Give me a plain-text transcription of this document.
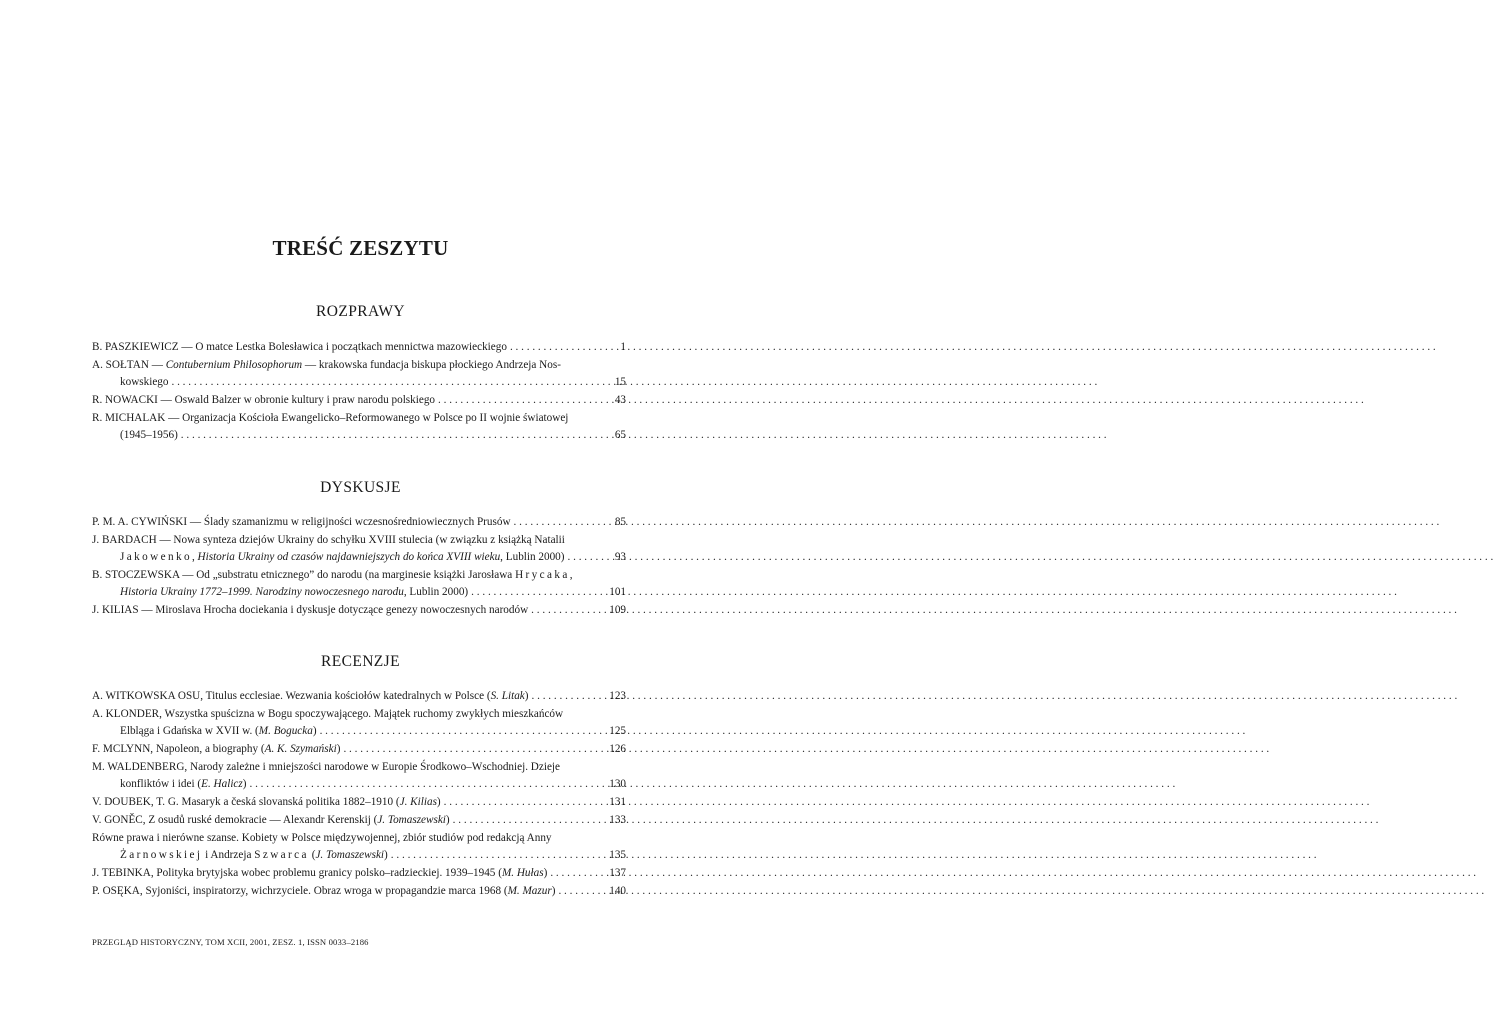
TREŚĆ ZESZYTU
ROZPRAWY
B. PASZKIEWICZ — O matce Lestka Bolesławica i początkach mennictwa mazowieckiego . . .	1
A. SOŁTAN — Contubernium Philosophorum — krakowska fundacja biskupa płockiego Andrzeja Nos-
kowskiego . . .	15
R. NOWACKI — Oswald Balzer w obronie kultury i praw narodu polskiego . . .	43
R. MICHALAK — Organizacja Kościoła Ewangelicko–Reformowanego w Polsce po II wojnie światowej
(1945–1956) . . .	65
DYSKUSJE
P. M. A. CYWIŃSKI — Ślady szamanizmu w religijności wczesnośredniowiecznych Prusów . . .	85
J. BARDACH — Nowa synteza dziejów Ukrainy do schyłku XVIII stulecia (w związku z książką Natalii
Jakowenko, Historia Ukrainy od czasów najdawniejszych do końca XVIII wieku, Lublin 2000) . . .	93
B. STOCZEWSKA — Od „substratu etnicznego” do narodu (na marginesie książki Jarosława Hrycaka,
Historia Ukrainy 1772–1999. Narodziny nowoczesnego narodu, Lublin 2000) . . .	101
J. KILIAS — Miroslava Hrocha dociekania i dyskusje dotyczące genezy nowoczesnych narodów . . .	109
RECENZJE
A. WITKOWSKA OSU, Titulus ecclesiae. Wezwania kościołów katedralnych w Polsce (S. Litak) . . .	123
A. KLONDER, Wszystka spuścizna w Bogu spoczywającego. Majątek ruchomy zwykłych mieszkańców
Elbląga i Gdańska w XVII w. (M. Bogucka) . . .	125
F. MCLYNN, Napoleon, a biography (A. K. Szymański) . . .	126
M. WALDENBERG, Narody zależne i mniejszości narodowe w Europie Środkowo–Wschodniej. Dzieje
konfliktów i idei (E. Halicz) . . .	130
V. DOUBEK, T. G. Masaryk a česká slovanská politika 1882–1910 (J. Kilias) . . .	131
V. GONĚC, Z osudů ruské demokracie — Alexandr Kerenskij (J. Tomaszewski) . . .	133
Równe prawa i nierówne szanse. Kobiety w Polsce międzywojennej, zbiór studiów pod redakcją Anny
Żarnowskiej i Andrzeja Szwarca (J. Tomaszewski) . . .	135
J. TEBINKA, Polityka brytyjska wobec problemu granicy polsko–radzieckiej. 1939–1945 (M. Hułas) . . .	137
P. OSĘKA, Syjoniści, inspiratorzy, wichrzyciele. Obraz wroga w propagandzie marca 1968 (M. Mazur) . . .	140
PRZEGLĄD HISTORYCZNY, TOM XCII, 2001, ZESZ. 1, ISSN 0033–2186
